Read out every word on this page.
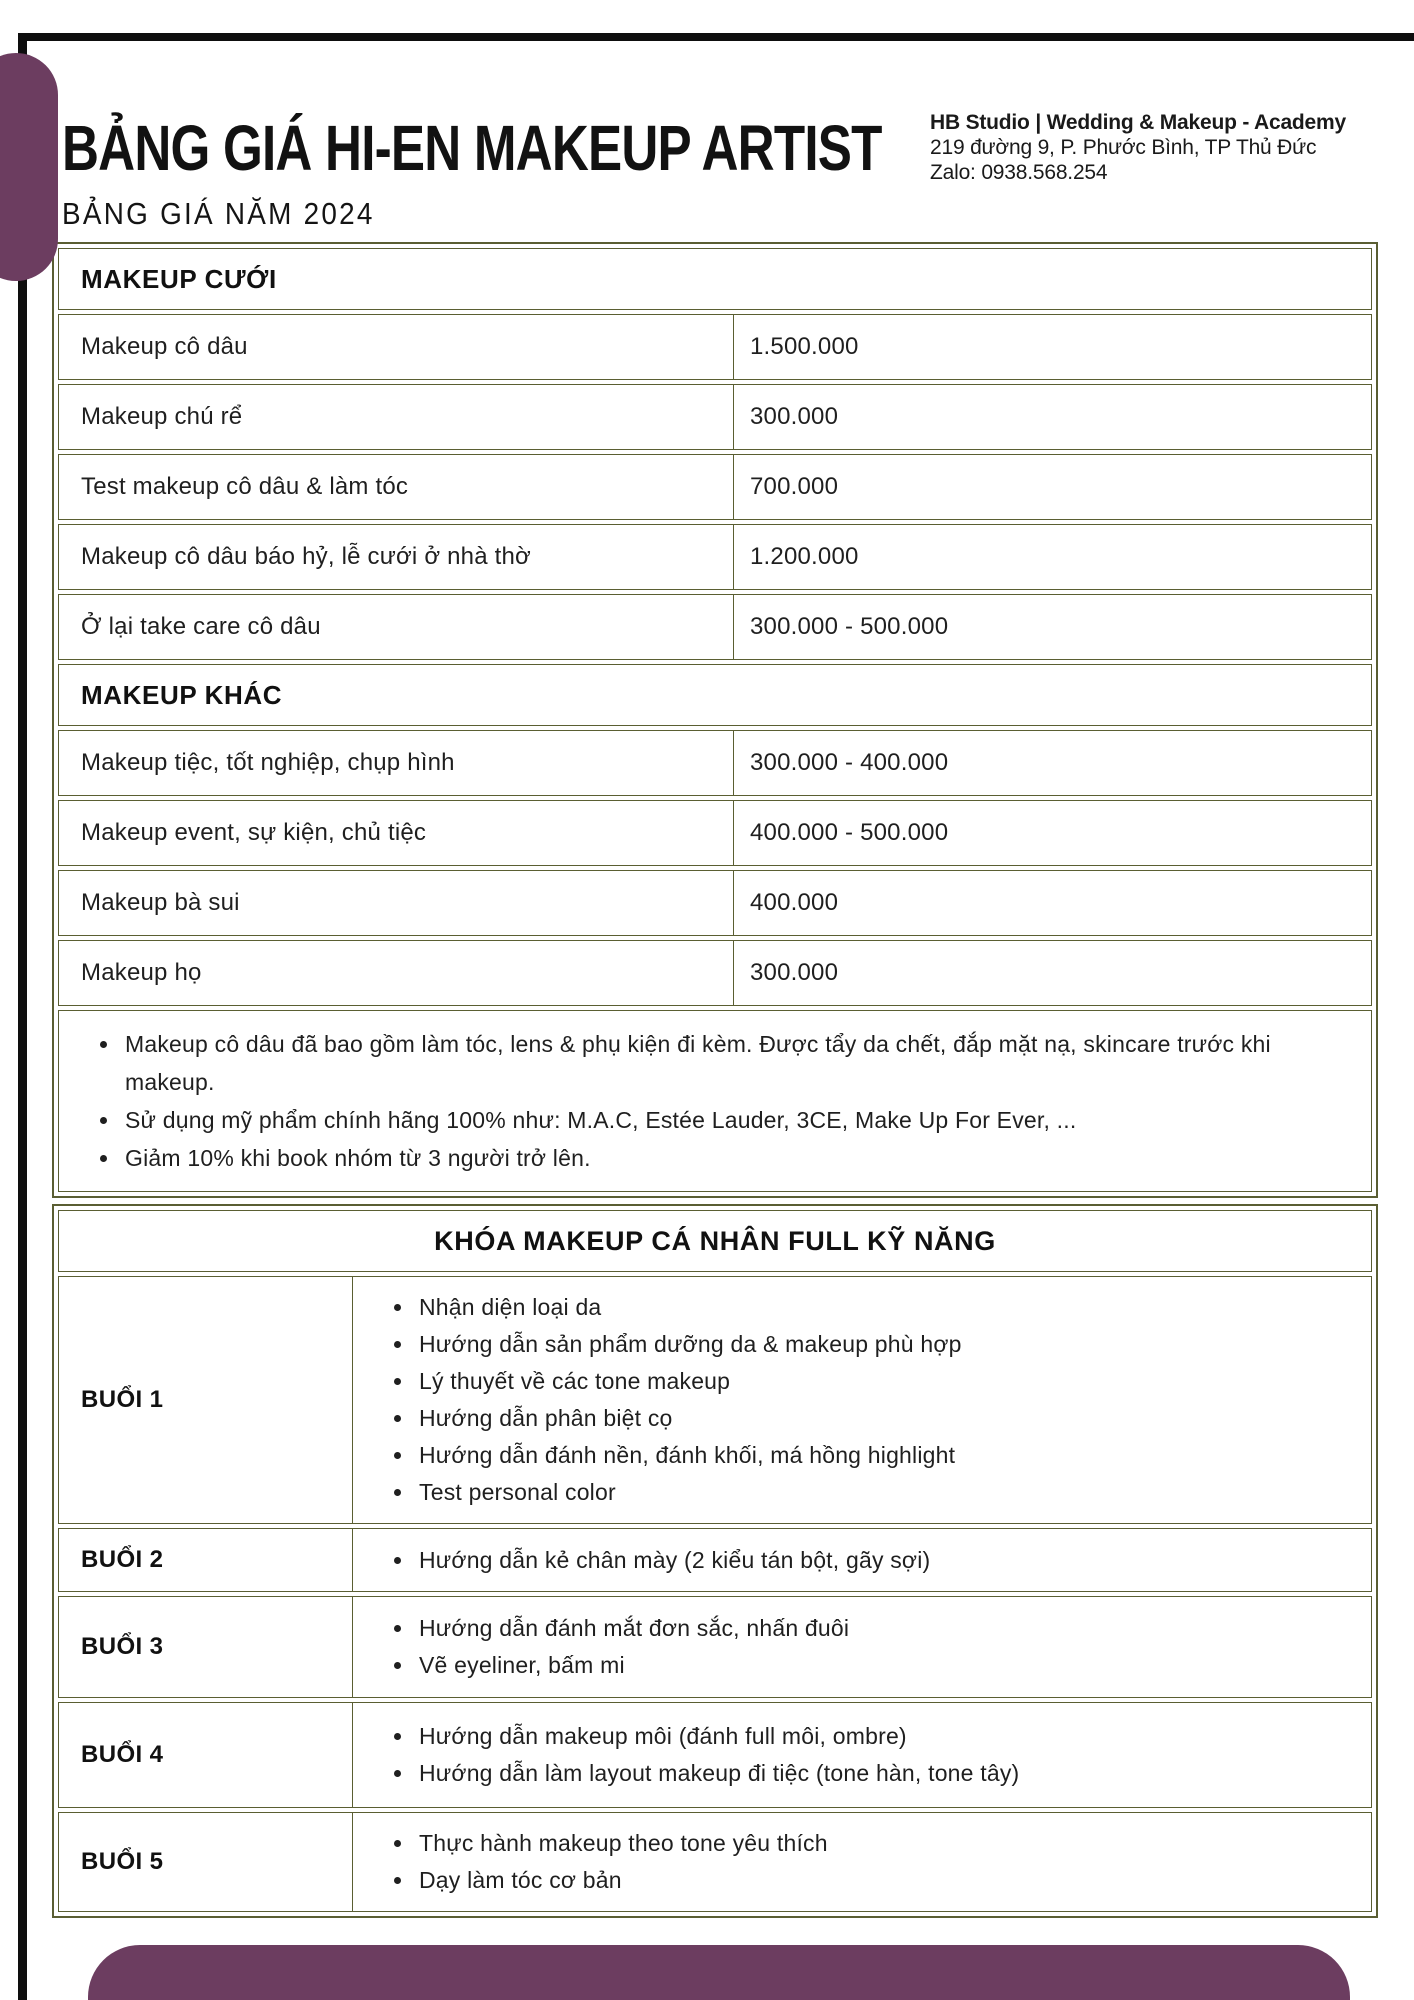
BẢNG GIÁ HI-EN MAKEUP ARTIST HB Studio | Wedding & Makeup - Academy
219 đường 9, P. Phước Bình, TP Thủ Đức
Zalo: 0938.568.254
BẢNG GIÁ NĂM 2024
MAKEUP CƯỚI
Makeup cô dâu	1.500.000
Makeup chú rể	300.000
Test makeup cô dâu & làm tóc	700.000
Makeup cô dâu báo hỷ, lễ cưới ở nhà thờ	1.200.000
Ở lại take care cô dâu	300.000 - 500.000
MAKEUP KHÁC
Makeup tiệc, tốt nghiệp, chụp hình	300.000 - 400.000
Makeup event, sự kiện, chủ tiệc	400.000 - 500.000
Makeup bà sui	400.000
Makeup họ	300.000
• Makeup cô dâu đã bao gồm làm tóc, lens & phụ kiện đi kèm. Được tẩy da chết, đắp mặt nạ, skincare trước khi makeup.
• Sử dụng mỹ phẩm chính hãng 100% như: M.A.C, Estée Lauder, 3CE, Make Up For Ever, ...
• Giảm 10% khi book nhóm từ 3 người trở lên.
KHÓA MAKEUP CÁ NHÂN FULL KỸ NĂNG
BUỔI 1
• Nhận diện loại da
• Hướng dẫn sản phẩm dưỡng da & makeup phù hợp
• Lý thuyết về các tone makeup
• Hướng dẫn phân biệt cọ
• Hướng dẫn đánh nền, đánh khối, má hồng highlight
• Test personal color
BUỔI 2	• Hướng dẫn kẻ chân mày (2 kiểu tán bột, gãy sợi)
BUỔI 3
• Hướng dẫn đánh mắt đơn sắc, nhấn đuôi
• Vẽ eyeliner, bấm mi
BUỔI 4
• Hướng dẫn makeup môi (đánh full môi, ombre)
• Hướng dẫn làm layout makeup đi tiệc (tone hàn, tone tây)
BUỔI 5
• Thực hành makeup theo tone yêu thích
• Dạy làm tóc cơ bản
